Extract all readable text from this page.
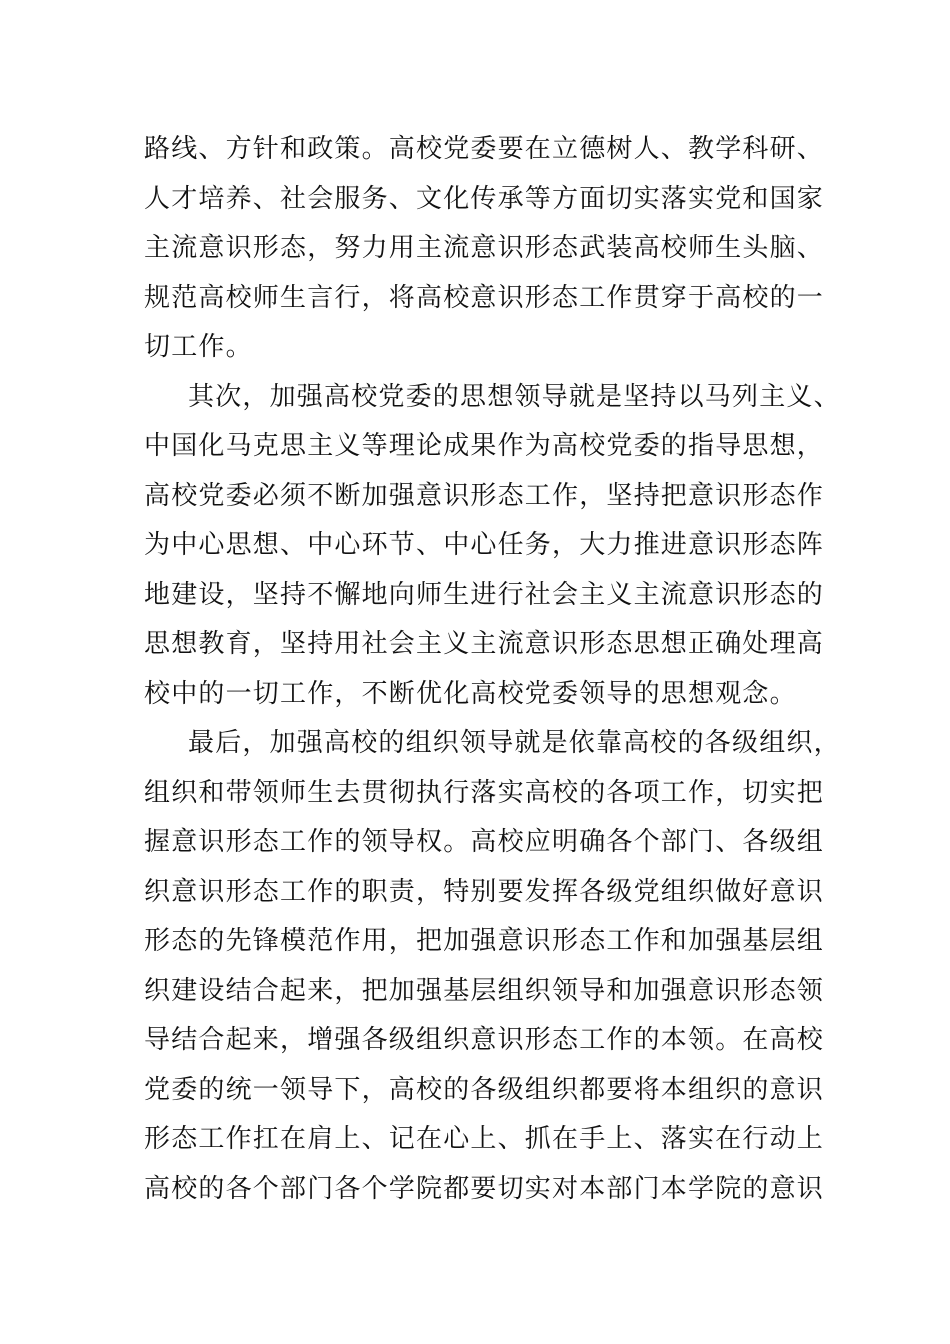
路线、方针和政策。高校党委要在立德树人、教学科研、
人才培养、社会服务、文化传承等方面切实落实党和国家
主流意识形态，努力用主流意识形态武装高校师生头脑、
规范高校师生言行，将高校意识形态工作贯穿于高校的一
切工作。
其次，加强高校党委的思想领导就是坚持以马列主义、
中国化马克思主义等理论成果作为高校党委的指导思想，
高校党委必须不断加强意识形态工作，坚持把意识形态作
为中心思想、中心环节、中心任务，大力推进意识形态阵
地建设，坚持不懈地向师生进行社会主义主流意识形态的
思想教育，坚持用社会主义主流意识形态思想正确处理高
校中的一切工作，不断优化高校党委领导的思想观念。
最后，加强高校的组织领导就是依靠高校的各级组织，
组织和带领师生去贯彻执行落实高校的各项工作，切实把
握意识形态工作的领导权。高校应明确各个部门、各级组
织意识形态工作的职责，特别要发挥各级党组织做好意识
形态的先锋模范作用，把加强意识形态工作和加强基层组
织建设结合起来，把加强基层组织领导和加强意识形态领
导结合起来，增强各级组织意识形态工作的本领。在高校
党委的统一领导下，高校的各级组织都要将本组织的意识
形态工作扛在肩上、记在心上、抓在手上、落实在行动上
高校的各个部门各个学院都要切实对本部门本学院的意识
